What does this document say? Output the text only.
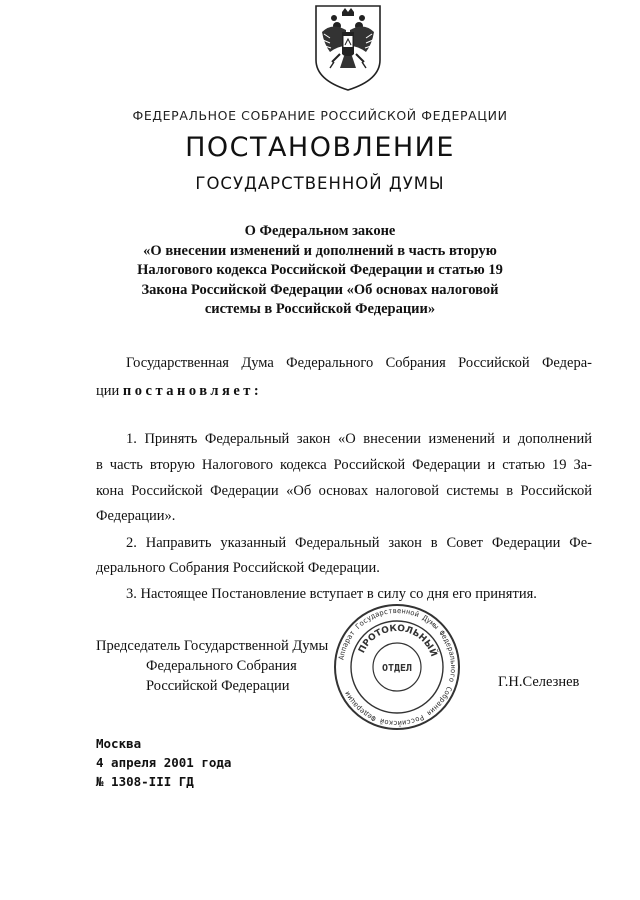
ФЕДЕРАЛЬНОЕ СОБРАНИЕ РОССИЙСКОЙ ФЕДЕРАЦИИ
ПОСТАНОВЛЕНИЕ
ГОСУДАРСТВЕННОЙ ДУМЫ
О Федеральном законе
«О внесении изменений и дополнений в часть вторую
Налогового кодекса Российской Федерации и статью 19
Закона Российской Федерации «Об основах налоговой
системы в Российской Федерации»
Государственная Дума Федерального Собрания Российской Федера-
ции постановляет:
1. Принять Федеральный закон «О внесении изменений и дополнений
в часть вторую Налогового кодекса Российской Федерации и статью 19 За-
кона Российской Федерации «Об основах налоговой системы в Российской
Федерации».
2. Направить указанный Федеральный закон в Совет Федерации Фе-
дерального Собрания Российской Федерации.
3. Настоящее Постановление вступает в силу со дня его принятия.
Председатель Государственной Думы
Федерального Собрания
Российской Федерации
Аппарат Государственной Думы Федерального Собрания Российской Федерации
ПРОТОКОЛЬНЫЙ
ОТДЕЛ
Г.Н.Селезнев
Москва
4 апреля 2001 года
№ 1308-III ГД
